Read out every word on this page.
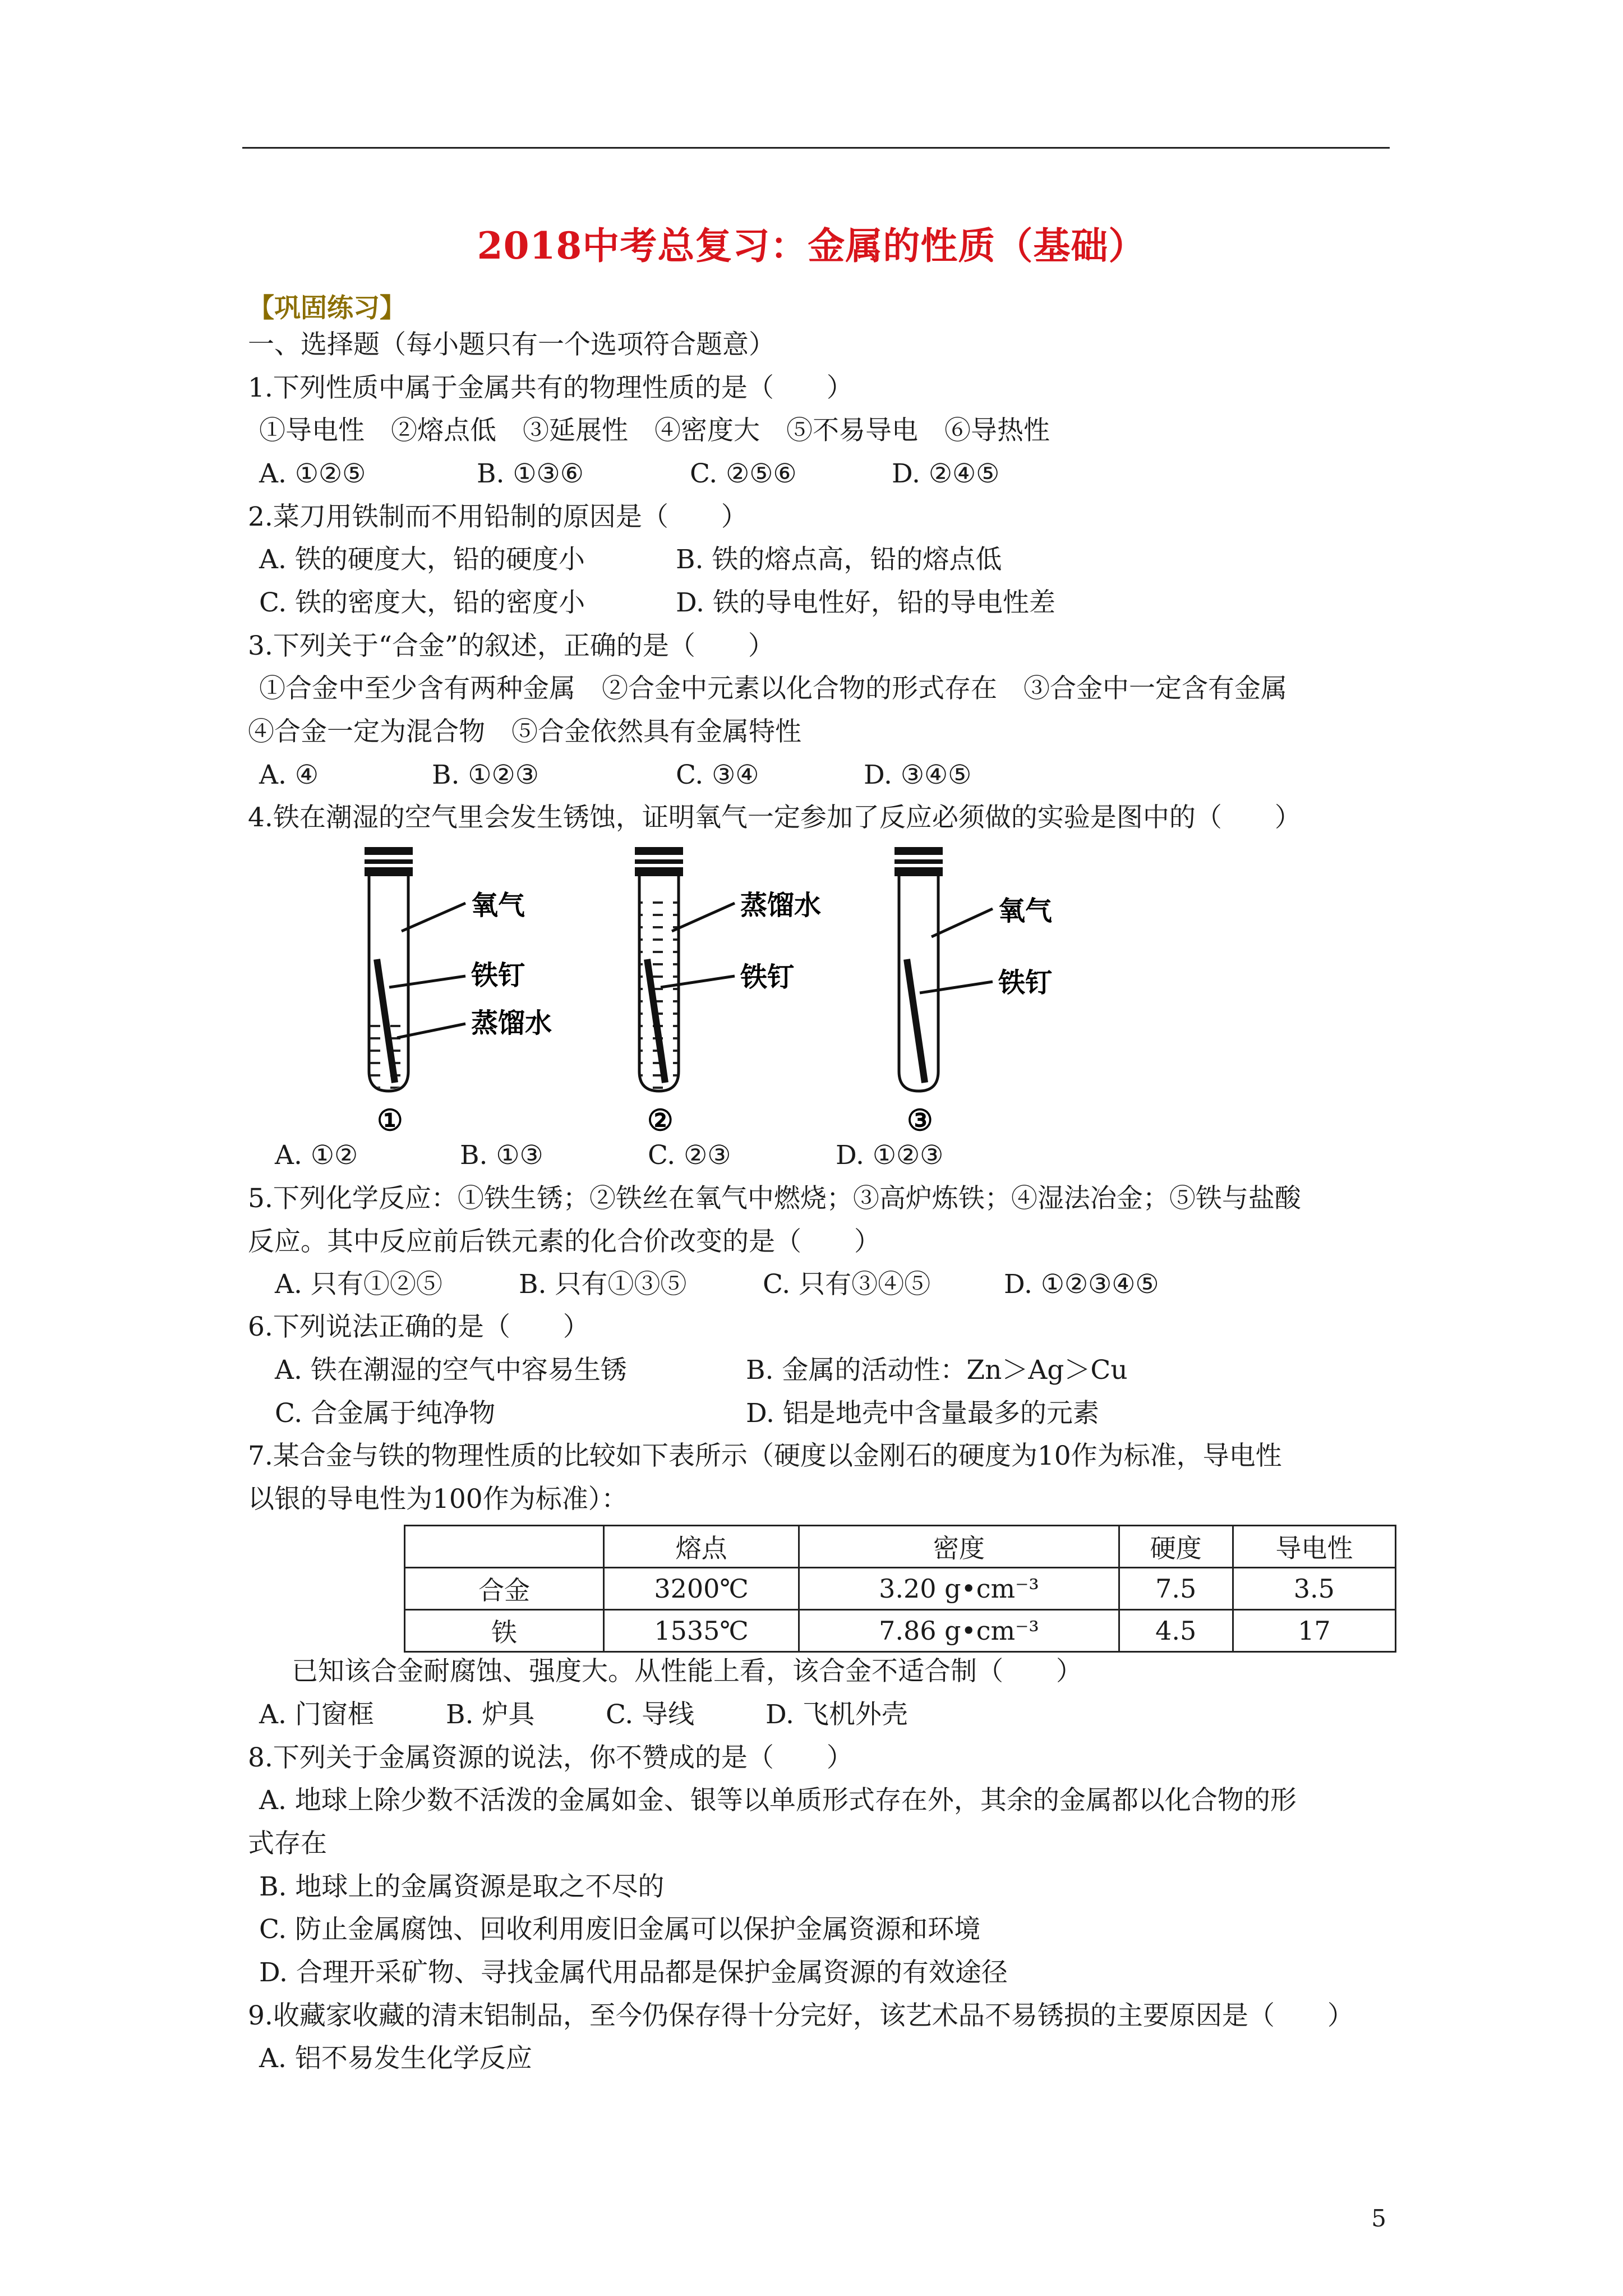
2018中考总复习：金属的性质（基础）
【巩固练习】
一、选择题（每小题只有一个选项符合题意）
1.下列性质中属于金属共有的物理性质的是（　　）
①导电性　②熔点低　③延展性　④密度大　⑤不易导电　⑥导热性
A. ①②⑤	B. ①③⑥	C. ②⑤⑥	D. ②④⑤
2.菜刀用铁制而不用铅制的原因是（　　）
A. 铁的硬度大，铅的硬度小	B. 铁的熔点高，铅的熔点低
C. 铁的密度大，铅的密度小	D. 铁的导电性好，铅的导电性差
3.下列关于“合金”的叙述，正确的是（　　）
①合金中至少含有两种金属　②合金中元素以化合物的形式存在　③合金中一定含有金属
④合金一定为混合物　⑤合金依然具有金属特性
A. ④	B. ①②③	C. ③④	D. ③④⑤
4.铁在潮湿的空气里会发生锈蚀，证明氧气一定参加了反应必须做的实验是图中的（　　）
氧气
铁钉
蒸馏水
①
蒸馏水
铁钉
②
氧气
铁钉
③
A. ①②	B. ①③	C. ②③	D. ①②③
5.下列化学反应：①铁生锈；②铁丝在氧气中燃烧；③高炉炼铁；④湿法冶金；⑤铁与盐酸
反应。其中反应前后铁元素的化合价改变的是（　　）
A. 只有①②⑤	B. 只有①③⑤	C. 只有③④⑤	D. ①②③④⑤
6.下列说法正确的是（　　）
A. 铁在潮湿的空气中容易生锈	B. 金属的活动性：Zn＞Ag＞Cu
C. 合金属于纯净物	D. 铝是地壳中含量最多的元素
7.某合金与铁的物理性质的比较如下表所示（硬度以金刚石的硬度为10作为标准，导电性
以银的导电性为100作为标准）：
	熔点	密度	硬度	导电性
合金	3200℃	3.20 g•cm⁻³	7.5	3.5
铁	1535℃	7.86 g•cm⁻³	4.5	17
已知该合金耐腐蚀、强度大。从性能上看，该合金不适合制（　　）
A. 门窗框	B. 炉具	C. 导线	D. 飞机外壳
8.下列关于金属资源的说法，你不赞成的是（　　）
A. 地球上除少数不活泼的金属如金、银等以单质形式存在外，其余的金属都以化合物的形
式存在
B. 地球上的金属资源是取之不尽的
C. 防止金属腐蚀、回收利用废旧金属可以保护金属资源和环境
D. 合理开采矿物、寻找金属代用品都是保护金属资源的有效途径
9.收藏家收藏的清末铝制品，至今仍保存得十分完好，该艺术品不易锈损的主要原因是（　　）
A. 铝不易发生化学反应
5
